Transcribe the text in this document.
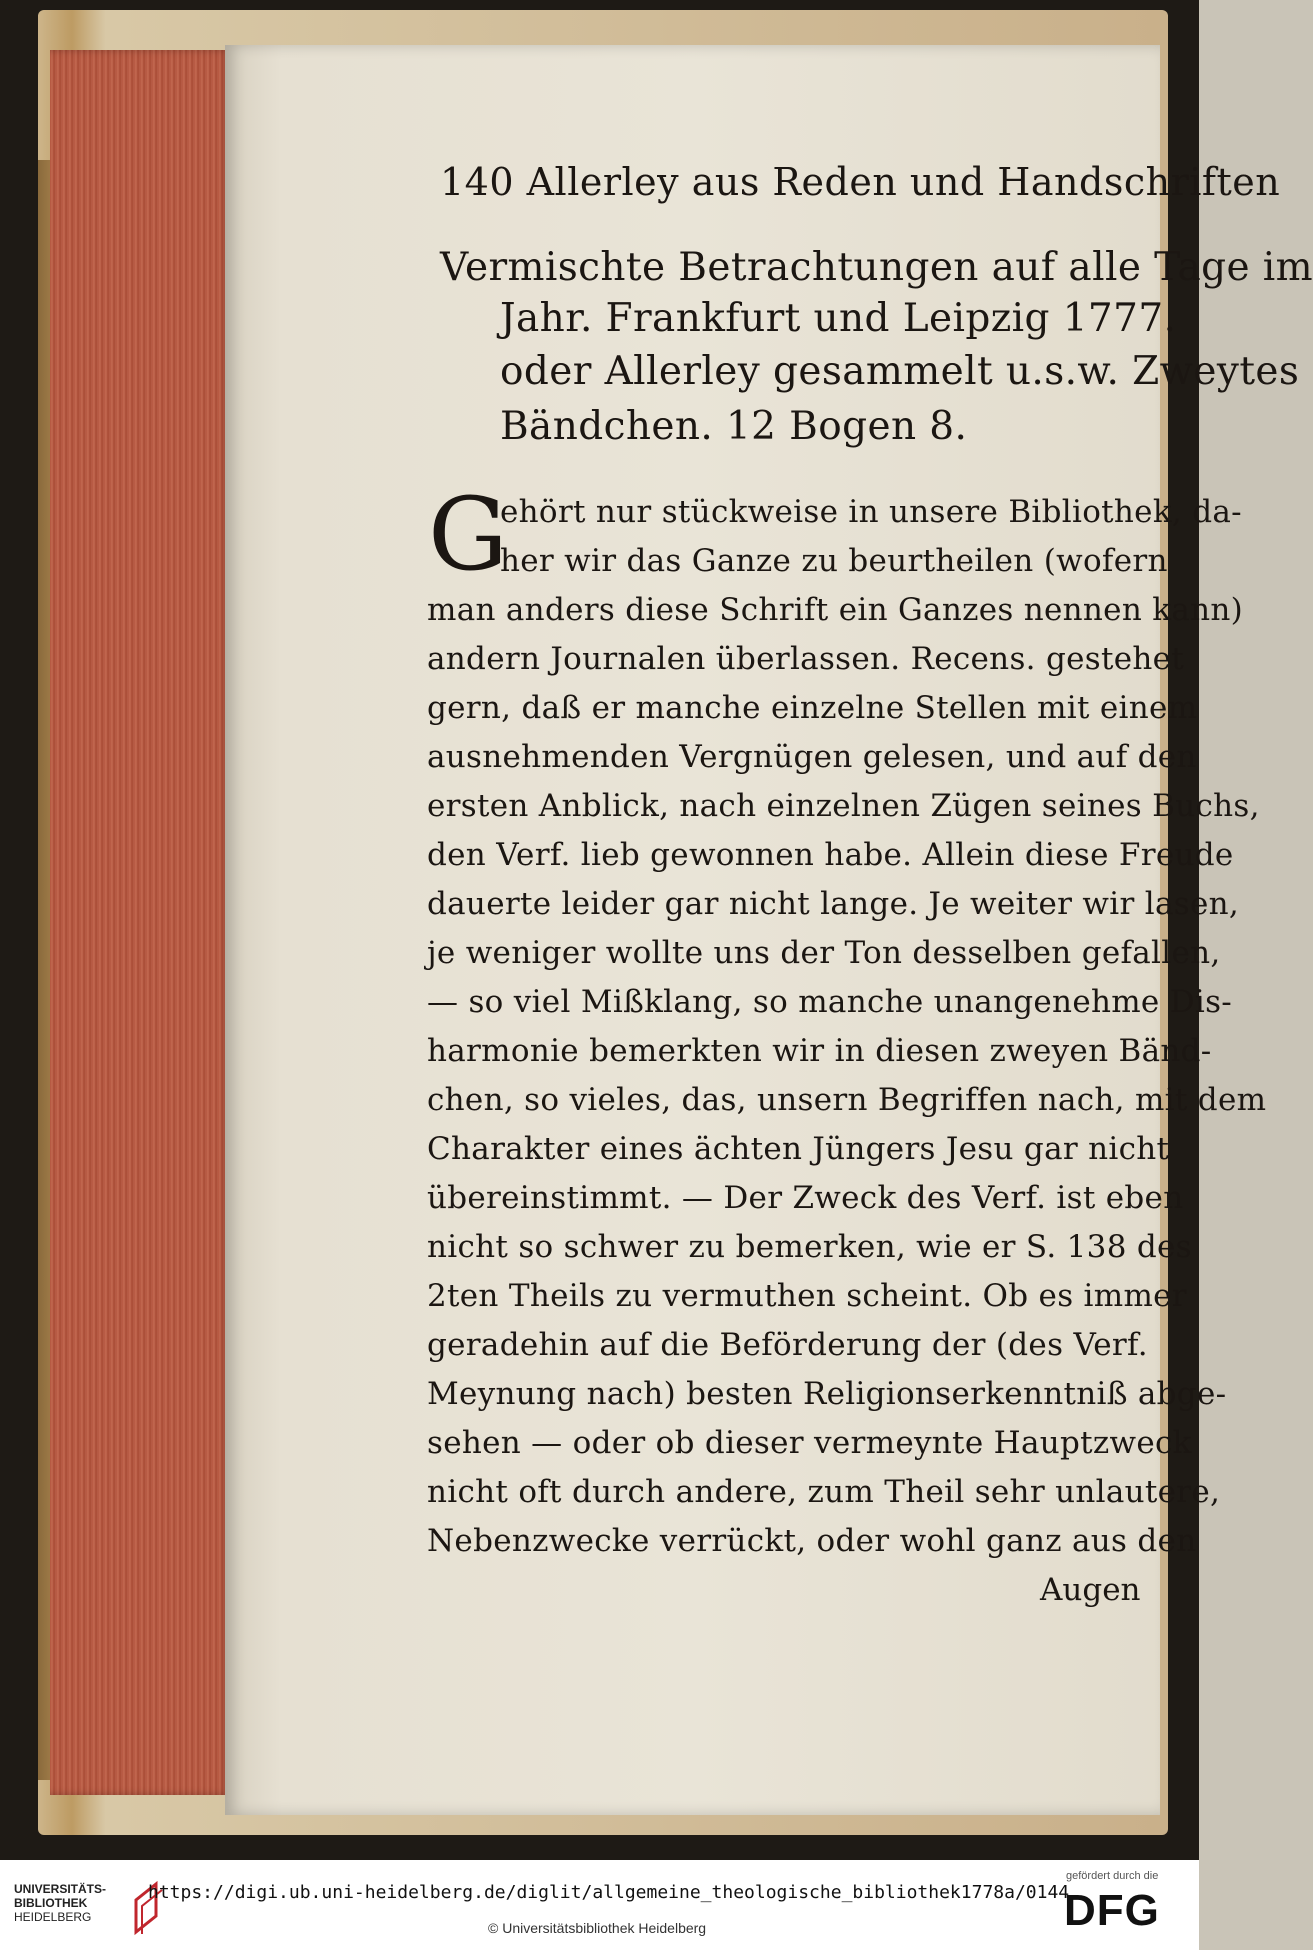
140 Allerley aus Reden und Handschriften
Vermischte Betrachtungen auf alle Tage im
Jahr. Frankfurt und Leipzig 1777.
oder Allerley gesammelt u.s.w. Zweytes
Bändchen. 12 Bogen 8.
G
ehört nur stückweise in unsere Bibliothek, da-
her wir das Ganze zu beurtheilen (wofern
man anders diese Schrift ein Ganzes nennen kann)
andern Journalen überlassen. Recens. gestehet
gern, daß er manche einzelne Stellen mit einem
ausnehmenden Vergnügen gelesen, und auf den
ersten Anblick, nach einzelnen Zügen seines Buchs,
den Verf. lieb gewonnen habe. Allein diese Freude
dauerte leider gar nicht lange. Je weiter wir lasen,
je weniger wollte uns der Ton desselben gefallen,
— so viel Mißklang, so manche unangenehme Dis-
harmonie bemerkten wir in diesen zweyen Bänd-
chen, so vieles, das, unsern Begriffen nach, mit dem
Charakter eines ächten Jüngers Jesu gar nicht
übereinstimmt. — Der Zweck des Verf. ist eben
nicht so schwer zu bemerken, wie er S. 138 des
2ten Theils zu vermuthen scheint. Ob es immer
geradehin auf die Beförderung der (des Verf.
Meynung nach) besten Religionserkenntniß abge-
sehen — oder ob dieser vermeynte Hauptzweck
nicht oft durch andere, zum Theil sehr unlautere,
Nebenzwecke verrückt, oder wohl ganz aus den
Augen
UNIVERSITÄTS-
BIBLIOTHEK
HEIDELBERG
https://digi.ub.uni-heidelberg.de/diglit/allgemeine_theologische_bibliothek1778a/0144
© Universitätsbibliothek Heidelberg
gefördert durch die
DFG
